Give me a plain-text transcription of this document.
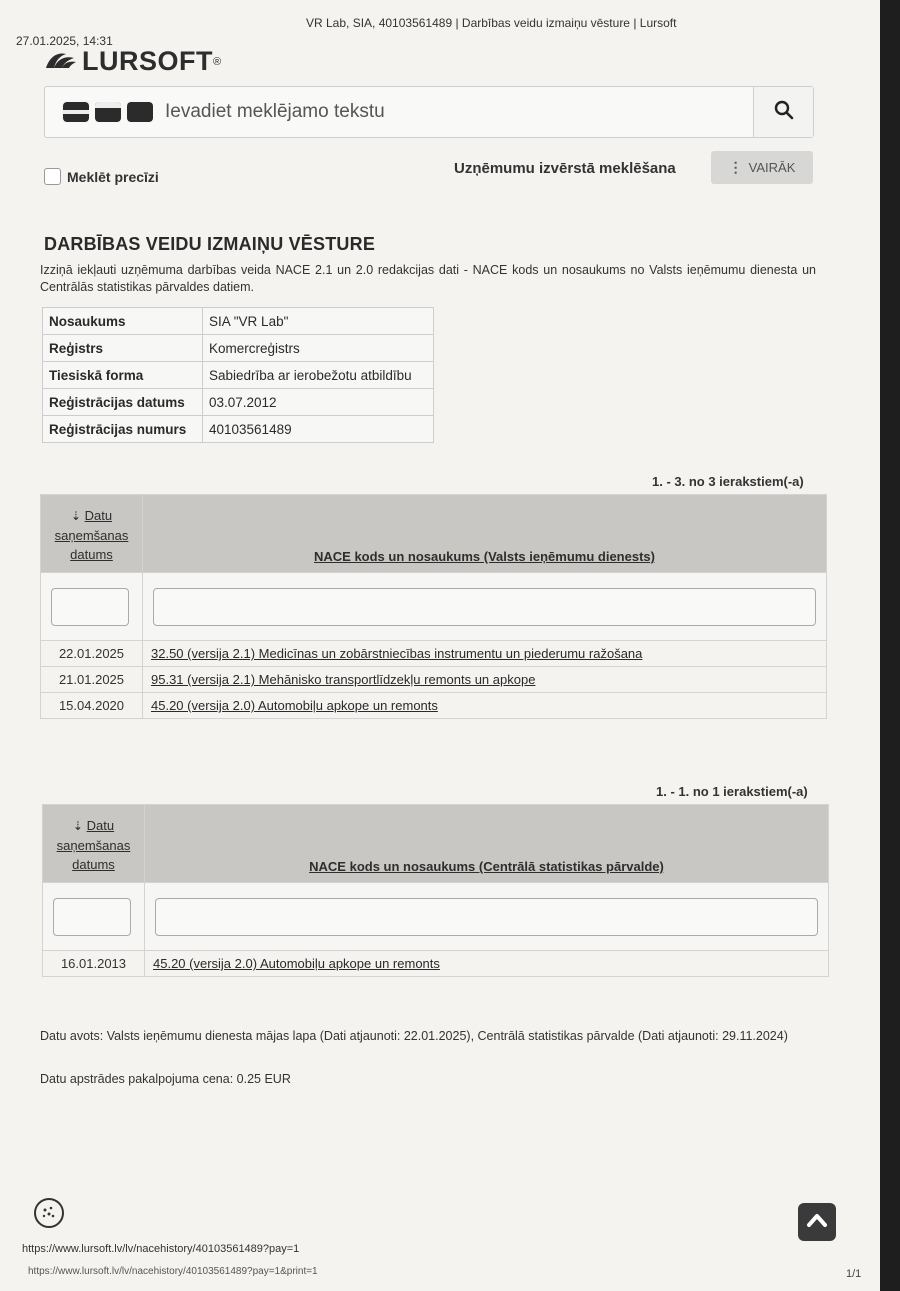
27.01.2025, 14:31
VR Lab, SIA, 40103561489 | Darbības veidu izmaiņu vēsture | Lursoft
LURSOFT ®
Ievadiet meklējamo tekstu
Meklēt precīzi	Uzņēmumu izvērstā meklēšana	⋮ VAIRĀK
DARBĪBAS VEIDU IZMAIŅU VĒSTURE

Izziņā iekļauti uzņēmuma darbības veida NACE 2.1 un 2.0 redakcijas dati - NACE kods un nosaukums no Valsts ieņēmumu dienesta un Centrālās statistikas pārvaldes datiem.

Nosaukums	SIA "VR Lab"
Reģistrs	Komercreģistrs
Tiesiskā forma	Sabiedrība ar ierobežotu atbildību
Reģistrācijas datums	03.07.2012
Reģistrācijas numurs	40103561489
1. - 3. no 3 ierakstiem(-a)
⇣ Datu saņemšanas datums	NACE kods un nosaukums (Valsts ieņēmumu dienests)

22.01.2025	32.50 (versija 2.1) Medicīnas un zobārstniecības instrumentu un piederumu ražošana
21.01.2025	95.31 (versija 2.1) Mehānisko transportlīdzekļu remonts un apkope
15.04.2020	45.20 (versija 2.0) Automobiļu apkope un remonts
1. - 1. no 1 ierakstiem(-a)
⇣ Datu saņemšanas datums	NACE kods un nosaukums (Centrālā statistikas pārvalde)

16.01.2013	45.20 (versija 2.0) Automobiļu apkope un remonts

Datu avots: Valsts ieņēmumu dienesta mājas lapa (Dati atjaunoti: 22.01.2025), Centrālā statistikas pārvalde (Dati atjaunoti: 29.11.2024)

Datu apstrādes pakalpojuma cena: 0.25 EUR

https://www.lursoft.lv/lv/nacehistory/40103561489?pay=1
https://www.lursoft.lv/lv/nacehistory/40103561489?pay=1&print=1	1/1
